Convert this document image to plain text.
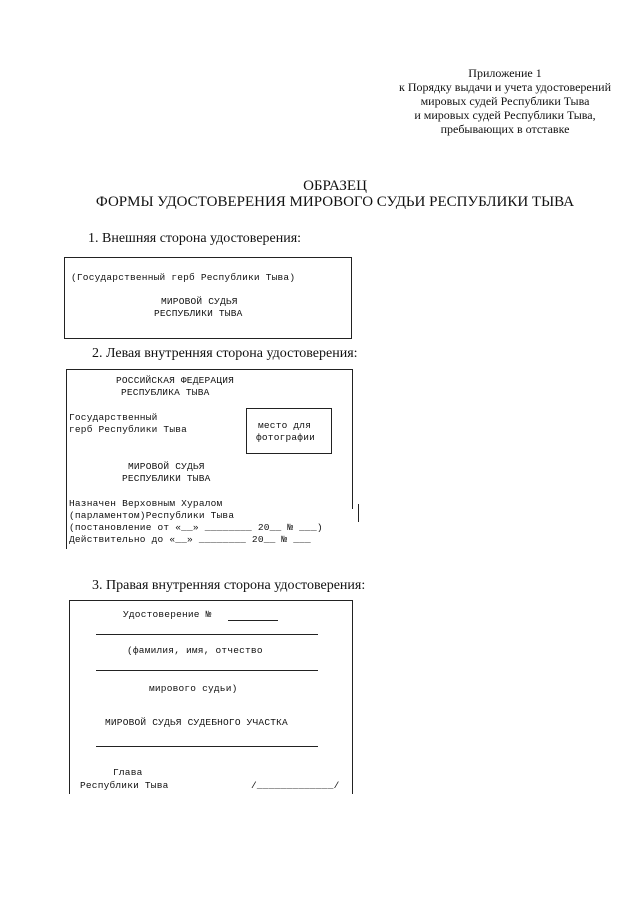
Приложение 1
к Порядку выдачи и учета удостоверений
мировых судей Республики Тыва
и мировых судей Республики Тыва,
пребывающих в отставке
ОБРАЗЕЦ
ФОРМЫ УДОСТОВЕРЕНИЯ МИРОВОГО СУДЬИ РЕСПУБЛИКИ ТЫВА
1. Внешняя сторона удостоверения:
(Государственный герб Республики Тыва)
МИРОВОЙ СУДЬЯ
РЕСПУБЛИКИ ТЫВА
2. Левая внутренняя сторона удостоверения:
РОССИЙСКАЯ ФЕДЕРАЦИЯ
РЕСПУБЛИКА ТЫВА
Государственный
герб Республики Тыва	место для
фотографии
МИРОВОЙ СУДЬЯ
РЕСПУБЛИКИ ТЫВА
Назначен Верховным Хуралом
(парламентом)Республики Тыва
(постановление от «__» ________ 20__ № ___)
Действительно до «__» ________ 20__ № ___
3. Правая внутренняя сторона удостоверения:
Удостоверение №
(фамилия, имя, отчество
мирового судьи)
МИРОВОЙ СУДЬЯ СУДЕБНОГО УЧАСТКА
Глава
Республики Тыва	/_____________/
